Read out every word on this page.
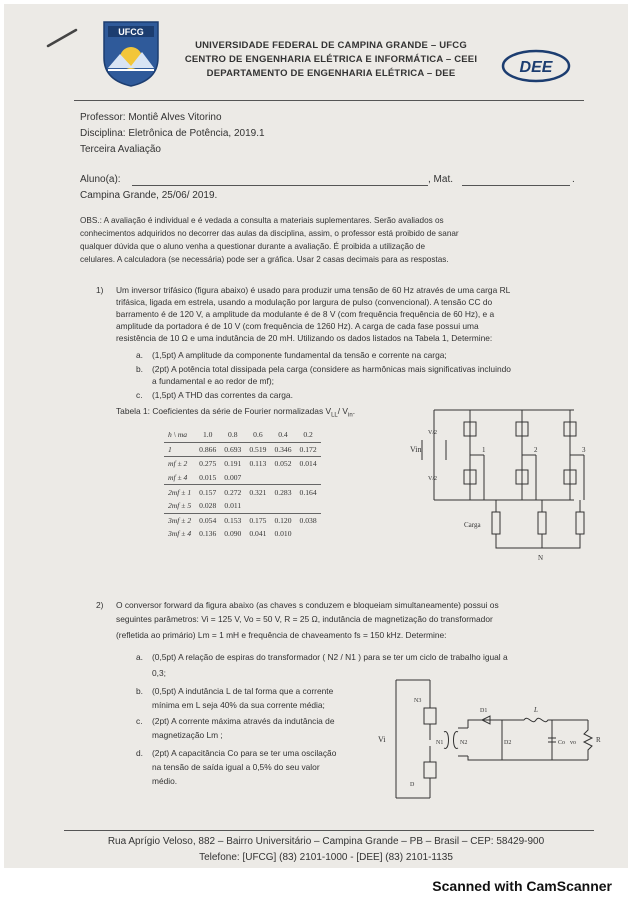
UFCG
UNIVERSIDADE FEDERAL DE CAMPINA GRANDE – UFCG
CENTRO DE ENGENHARIA ELÉTRICA E INFORMÁTICA – CEEI
DEPARTAMENTO DE ENGENHARIA ELÉTRICA – DEE	DEE
Professor: Montiê Alves Vitorino
Disciplina: Eletrônica de Potência, 2019.1
Terceira Avaliação
Aluno(a):	, Mat.	.
Campina Grande, 25/06/ 2019.
OBS.: A avaliação é individual e é vedada a consulta a materiais suplementares. Serão avaliados os
conhecimentos adquiridos no decorrer das aulas da disciplina, assim, o professor está proibido de sanar
qualquer dúvida que o aluno venha a questionar durante a avaliação. É proibida a utilização de
celulares. A calculadora (se necessária) pode ser a gráfica. Usar 2 casas decimais para as respostas.
1) Um inversor trifásico (figura abaixo) é usado para produzir uma tensão de 60 Hz através de uma carga RL
trifásica, ligada em estrela, usando a modulação por largura de pulso (convencional). A tensão CC do
barramento é de 120 V, a amplitude da modulante é de 8 V (com frequência frequência de 60 Hz), e a
amplitude da portadora é de 10 V (com frequência de 1260 Hz). A carga de cada fase possui uma
resistência de 10 Ω e uma indutância de 20 mH. Utilizando os dados listados na Tabela 1, Determine:
a. (1,5pt) A amplitude da componente fundamental da tensão e corrente na carga;
b. (2pt) A potência total dissipada pela carga (considere as harmônicas mais significativas incluindo
a fundamental e ao redor de mf);
c. (1,5pt) A THD das correntes da carga.
Tabela 1: Coeficientes da série de Fourier normalizadas $V_{LL}/$ $V_{in}$.
h \ ma	1.0	0.8	0.6	0.4	0.2
1	0.866	0.693	0.519	0.346	0.172
mf ± 2	0.275	0.191	0.113	0.052	0.014
mf ± 4	0.015	0.007			
2mf ± 1	0.157	0.272	0.321	0.283	0.164
2mf ± 5	0.028	0.011			
3mf ± 2	0.054	0.153	0.175	0.120	0.038
3mf ± 4	0.136	0.090	0.041	0.010	
Vin
V/2
V/2
1	2	3
Carga
N
2) O conversor forward da figura abaixo (as chaves s conduzem e bloqueiam simultaneamente) possui os
seguintes parâmetros: Vi = 125 V, Vo = 50 V, R = 25 Ω, indutância de magnetização do transformador
(refletida ao primário) Lm = 1 mH e frequência de chaveamento fs = 150 kHz. Determine:
a. (0,5pt) A relação de espiras do transformador ( N2 / N1 ) para se ter um ciclo de trabalho igual a
0,3;
b. (0,5pt) A indutância L de tal forma que a corrente
mínima em L seja 40% da sua corrente média;
c. (2pt) A corrente máxima através da indutância de
magnetização Lm ;
d. (2pt) A capacitância Co para se ter uma oscilação
na tensão de saída igual a 0,5% do seu valor
médio.
Vi	N1	N2
N3
D1
D2
D
L
Co	R
vo
Rua Aprígio Veloso, 882 – Bairro Universitário – Campina Grande – PB – Brasil – CEP: 58429-900
Telefone: [UFCG] (83) 2101-1000 - [DEE] (83) 2101-1135
Scanned with CamScanner
